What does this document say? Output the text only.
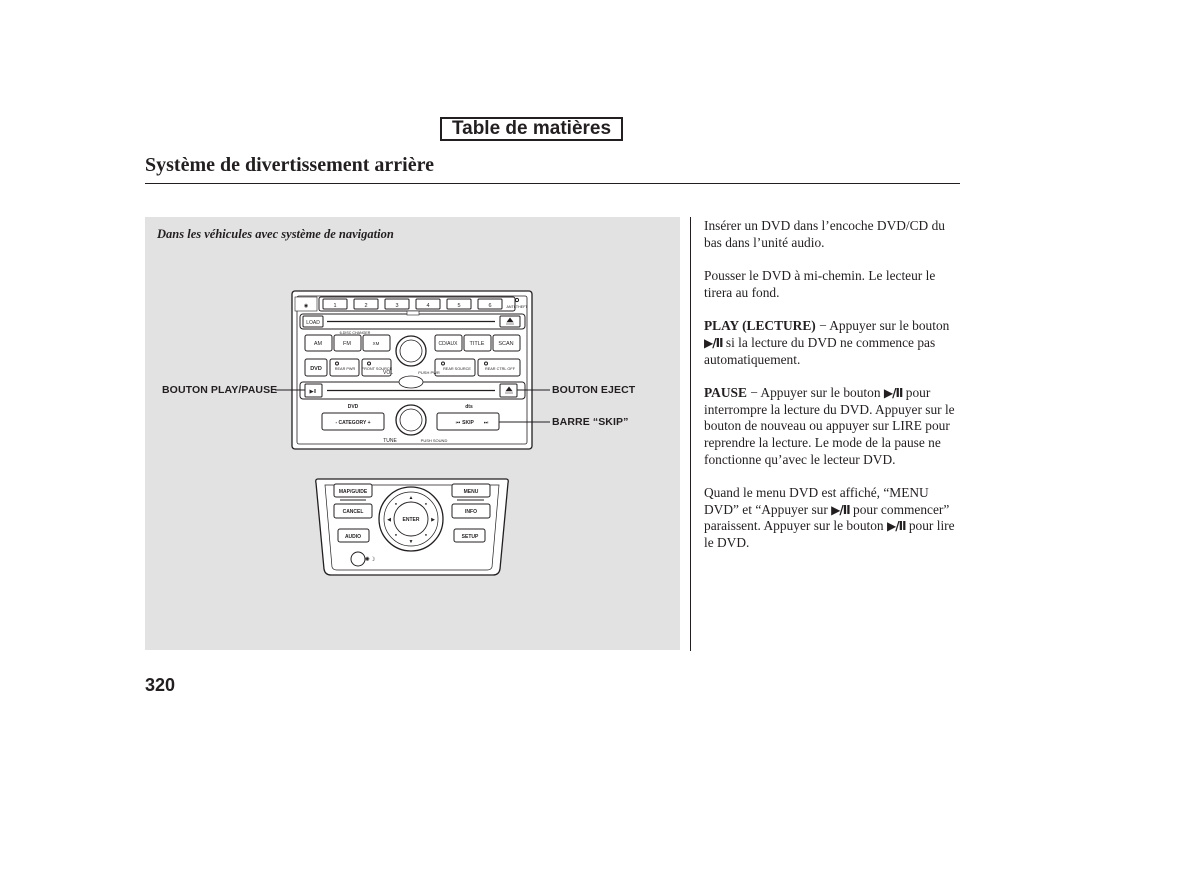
Table de matières
Système de divertissement arrière
Dans les véhicules avec système de navigation
◉	1	2	3	4	5	6	ANTI-THEFT
LOAD
6-DISC CHANGER
AM	FM	XM	CD/AUX TITLE	SCAN
DVD	REAR PWR FRONT SOURCE	REAR SOURCE	REAR CTRL OFF
VOL	PUSH PWR
▶Ⅱ
DVD	dts
- CATEGORY +	⏮ SKIP ⏭
TUNE	PUSH SOUND
MAP/GUIDE	MENU
CANCEL	INFO
ENTER
AUDIO	SETUP
▲
▼
◀	▶
●	●
●	●
✺☽
BOUTON PLAY/PAUSE	BOUTON EJECT
BARRE “SKIP”

Insérer un DVD dans l’encoche DVD/CD du bas dans l’unité audio.

Pousser le DVD à mi-chemin. Le lecteur le tirera au fond.

PLAY (LECTURE) − Appuyer sur le bouton ▶/Ⅱ si la lecture du DVD ne commence pas automatiquement.

PAUSE − Appuyer sur le bouton ▶/Ⅱ pour interrompre la lecture du DVD. Appuyer sur le bouton de nouveau ou appuyer sur LIRE pour reprendre la lecture. Le mode de la pause ne fonctionne qu’avec le lecteur DVD.

Quand le menu DVD est affiché, “MENU DVD” et “Appuyer sur ▶/Ⅱ pour commencer” paraissent. Appuyer sur le bouton ▶/Ⅱ pour lire le DVD.

320
